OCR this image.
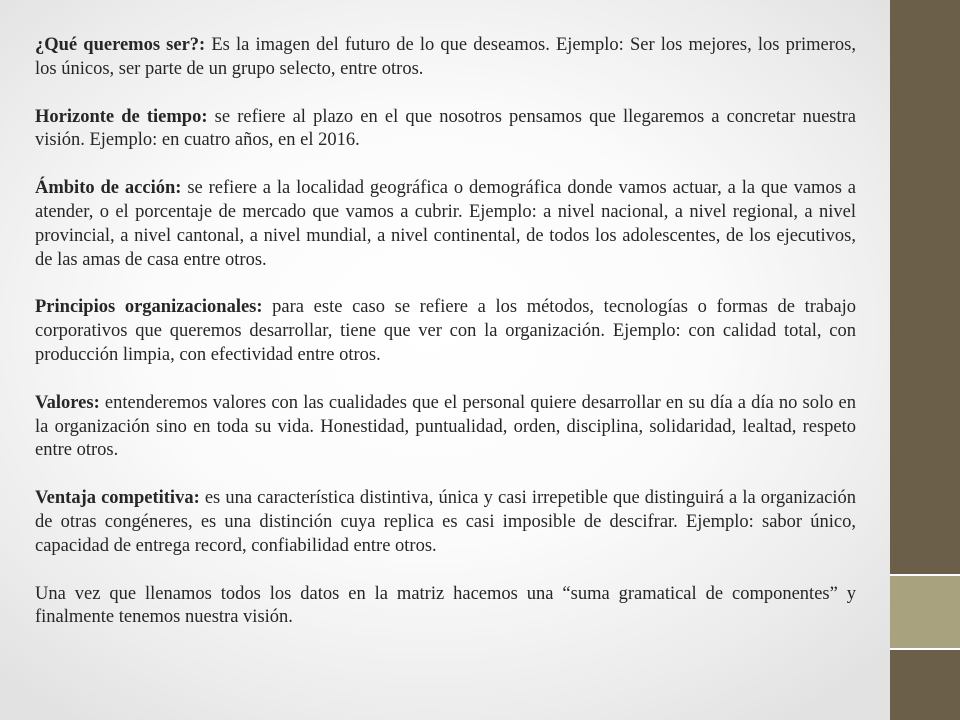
¿Qué queremos ser?: Es la imagen del futuro de lo que deseamos. Ejemplo: Ser los mejores, los primeros, los únicos, ser parte de un grupo selecto, entre otros.

Horizonte de tiempo: se refiere al plazo en el que nosotros pensamos que llegaremos a concretar nuestra visión. Ejemplo: en cuatro años, en el 2016.

Ámbito de acción: se refiere a la localidad geográfica o demográfica donde vamos actuar, a la que vamos a atender, o el porcentaje de mercado que vamos a cubrir. Ejemplo: a nivel nacional, a nivel regional, a nivel provincial, a nivel cantonal, a nivel mundial, a nivel continental, de todos los adolescentes, de los ejecutivos, de las amas de casa entre otros.

Principios organizacionales: para este caso se refiere a los métodos, tecnologías o formas de trabajo corporativos que queremos desarrollar, tiene que ver con la organización. Ejemplo: con calidad total, con producción limpia, con efectividad entre otros.

Valores: entenderemos valores con las cualidades que el personal quiere desarrollar en su día a día no solo en la organización sino en toda su vida. Honestidad, puntualidad, orden, disciplina, solidaridad, lealtad, respeto entre otros.

Ventaja competitiva: es una característica distintiva, única y casi irrepetible que distinguirá a la organización de otras congéneres, es una distinción cuya replica es casi imposible de descifrar. Ejemplo: sabor único, capacidad de entrega record, confiabilidad entre otros.

Una vez que llenamos todos los datos en la matriz hacemos una “suma gramatical de componentes” y finalmente tenemos nuestra visión.
